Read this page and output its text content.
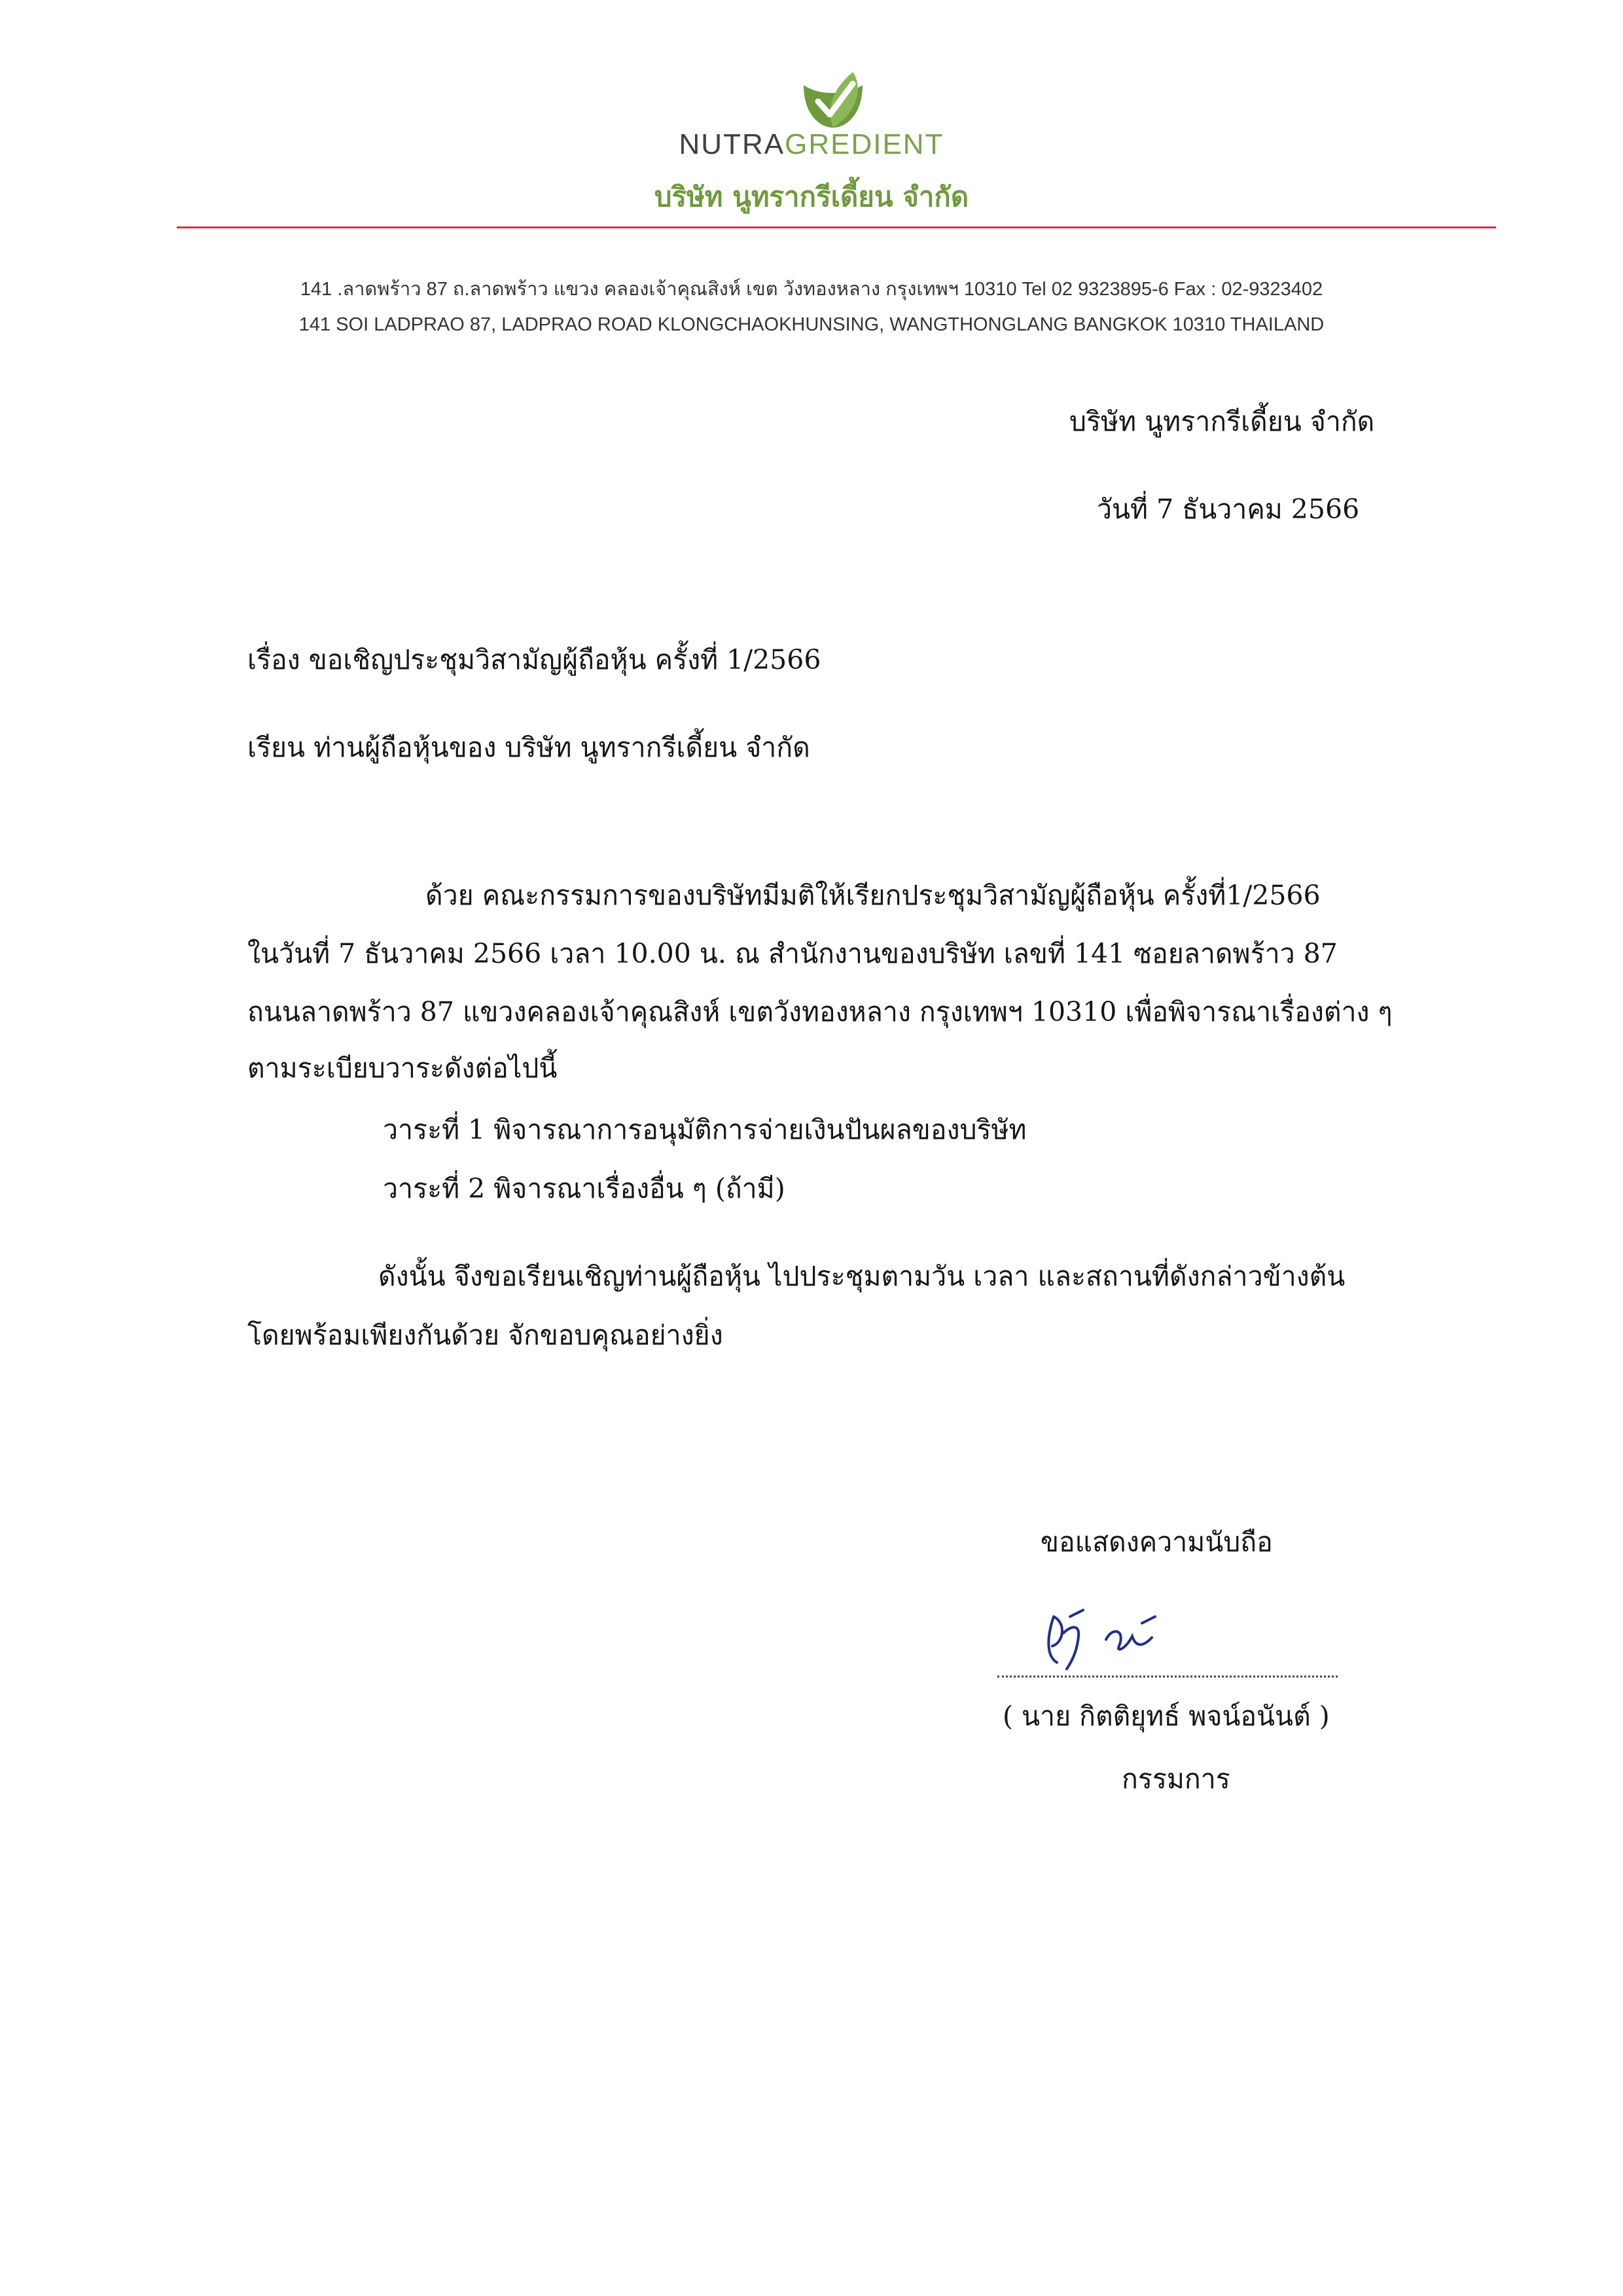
NUTRAGREDIENT
บริษัท นูทรากรีเดี้ยน จำกัด
141 .ลาดพร้าว 87 ถ.ลาดพร้าว แขวง คลองเจ้าคุณสิงห์ เขต วังทองหลาง กรุงเทพฯ 10310 Tel 02 9323895-6 Fax : 02-9323402
141 SOI LADPRAO 87, LADPRAO ROAD KLONGCHAOKHUNSING, WANGTHONGLANG BANGKOK 10310 THAILAND
บริษัท นูทรากรีเดี้ยน จำกัด
วันที่ 7 ธันวาคม 2566
เรื่อง ขอเชิญประชุมวิสามัญผู้ถือหุ้น ครั้งที่ 1/2566
เรียน ท่านผู้ถือหุ้นของ บริษัท นูทรากรีเดี้ยน จำกัด
ด้วย คณะกรรมการของบริษัทมีมติให้เรียกประชุมวิสามัญผู้ถือหุ้น ครั้งที่1/2566
ในวันที่ 7 ธันวาคม 2566 เวลา 10.00 น. ณ สำนักงานของบริษัท เลขที่ 141 ซอยลาดพร้าว 87
ถนนลาดพร้าว 87 แขวงคลองเจ้าคุณสิงห์ เขตวังทองหลาง กรุงเทพฯ 10310 เพื่อพิจารณาเรื่องต่าง ๆ
ตามระเบียบวาระดังต่อไปนี้
วาระที่ 1 พิจารณาการอนุมัติการจ่ายเงินปันผลของบริษัท
วาระที่ 2 พิจารณาเรื่องอื่น ๆ (ถ้ามี)
ดังนั้น จึงขอเรียนเชิญท่านผู้ถือหุ้น ไปประชุมตามวัน เวลา และสถานที่ดังกล่าวข้างต้น
โดยพร้อมเพียงกันด้วย จักขอบคุณอย่างยิ่ง
ขอแสดงความนับถือ
( นาย กิตติยุทธ์ พจน์อนันต์ )
กรรมการ
